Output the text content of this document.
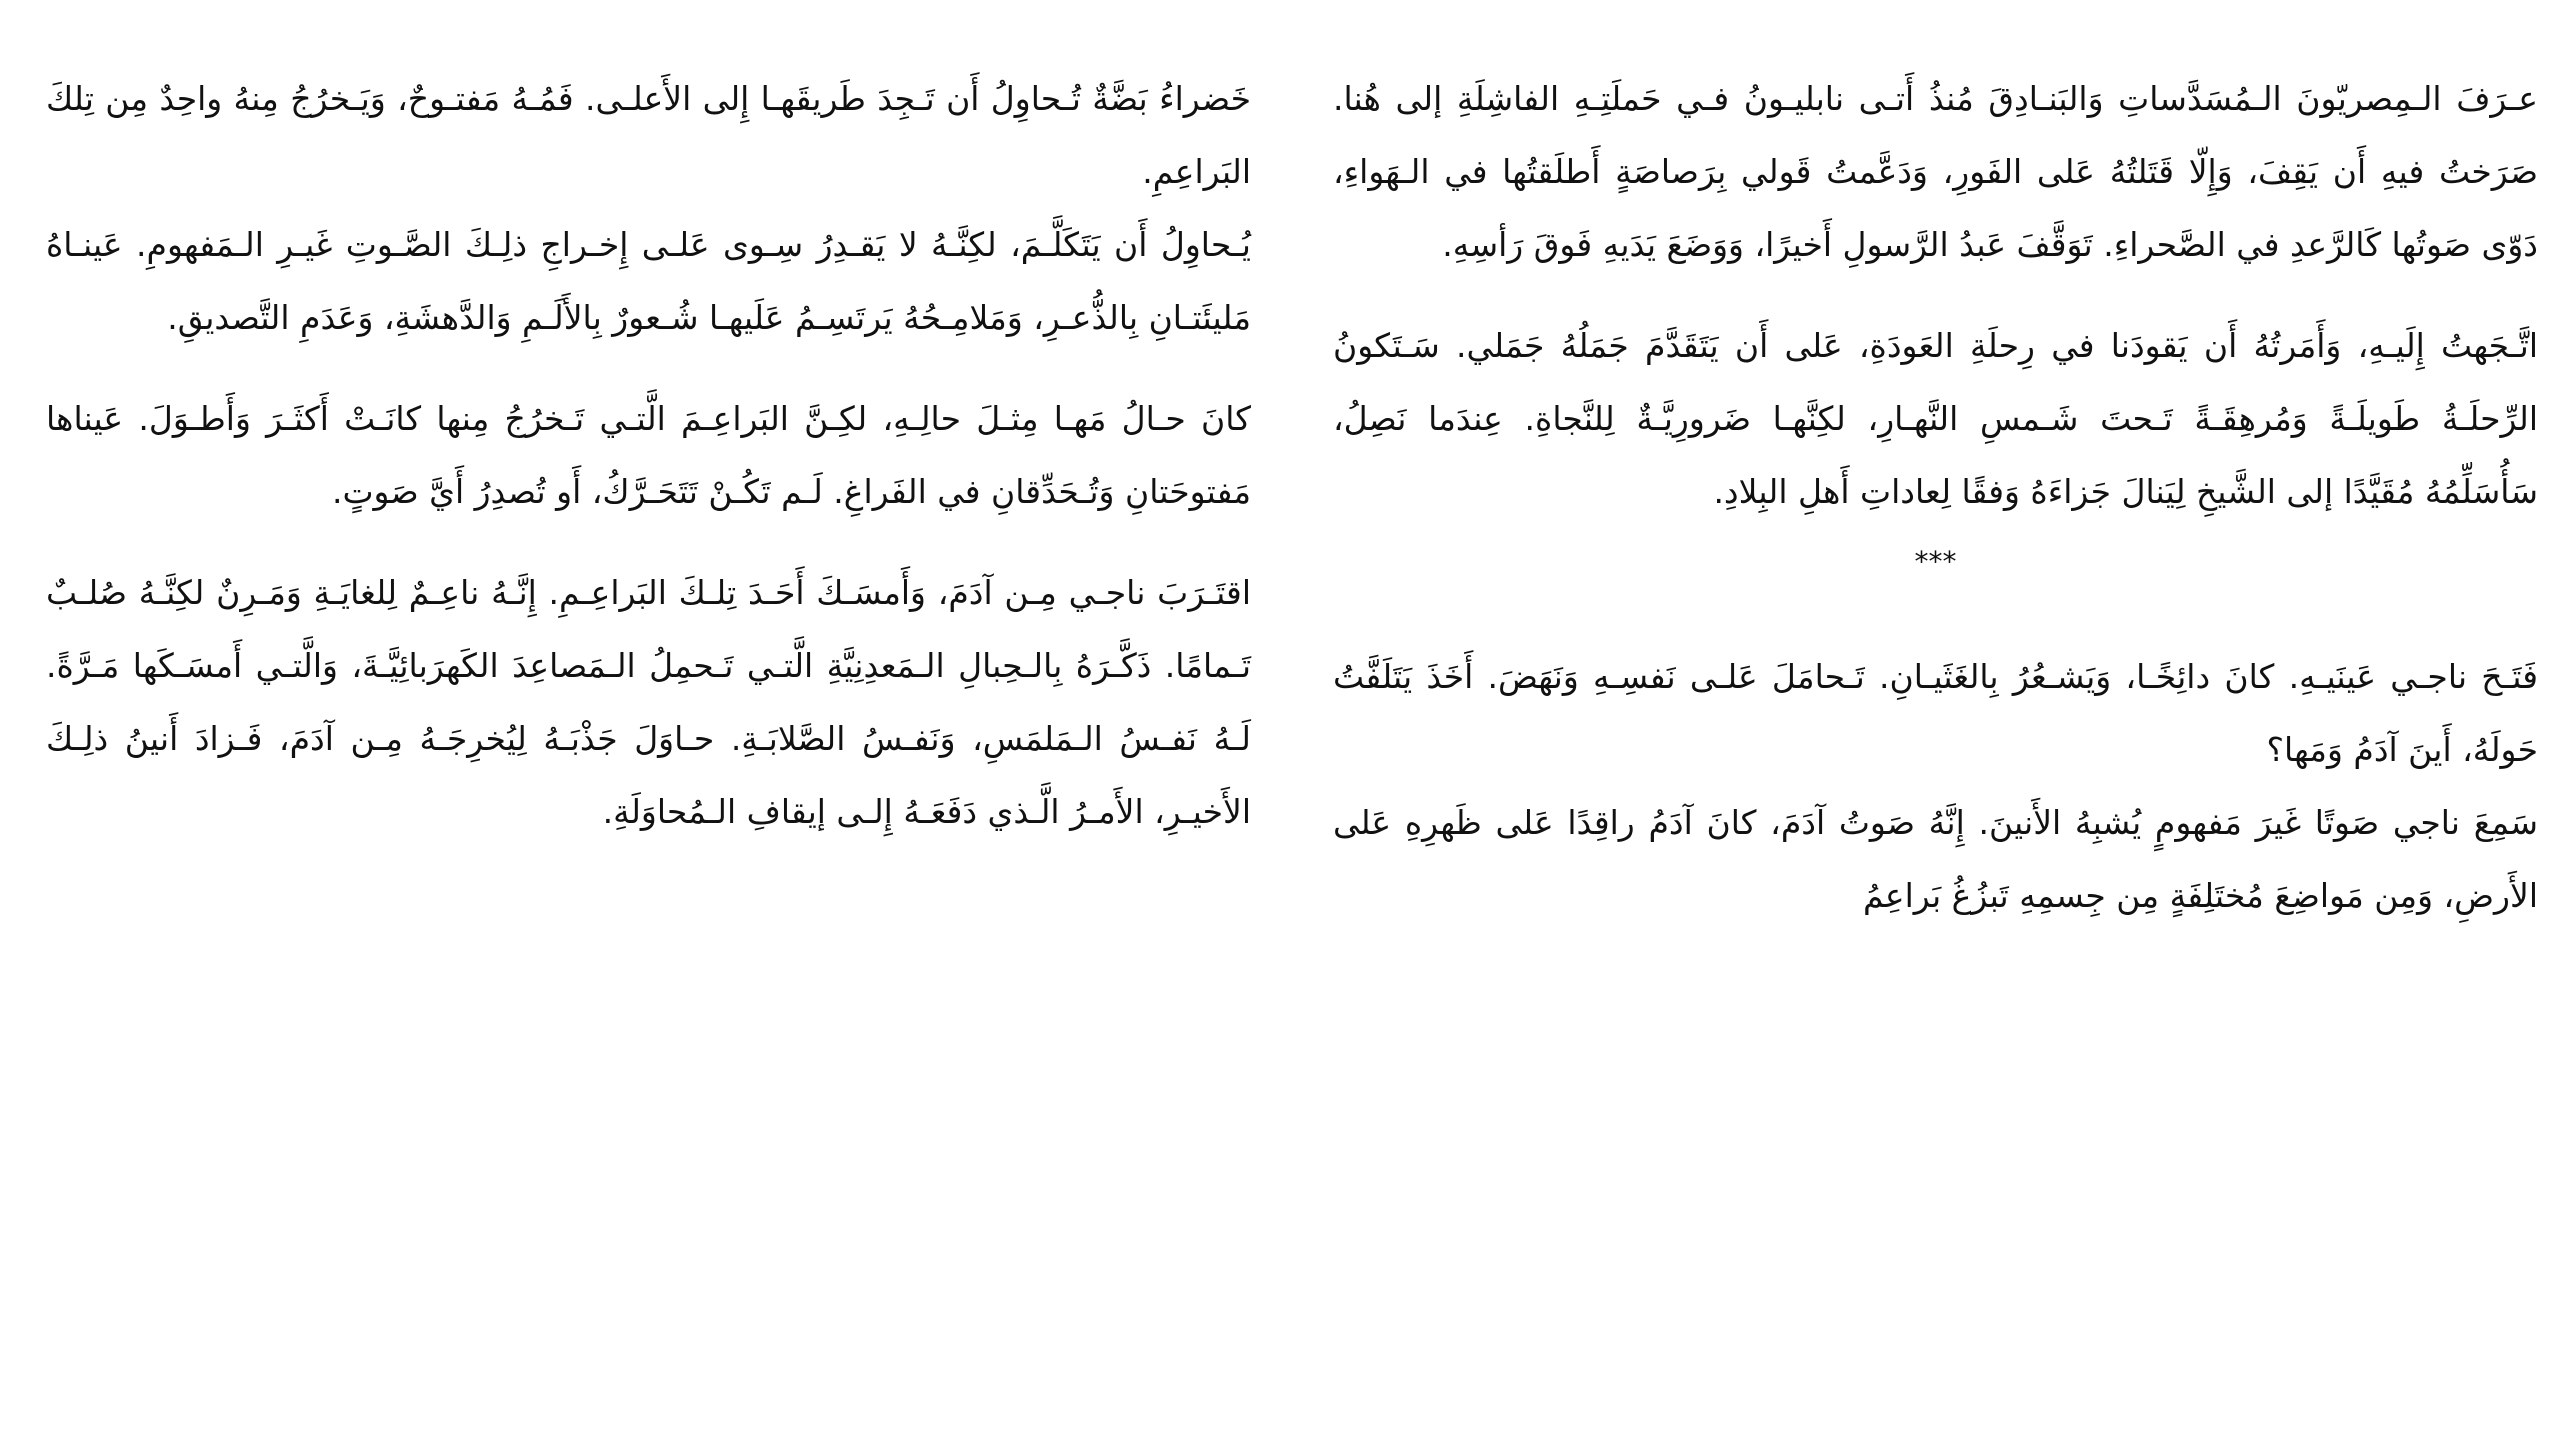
عـرَفَ الـمِصريّونَ الـمُسَدَّساتِ وَالبَنـادِقَ مُنذُ أَتـى نابليـونُ فـي حَملَتِـهِ الفاشِلَةِ إلى هُنا. صَرَختُ فيهِ أَن يَقِفَ، وَإِلّا قَتَلتُهُ عَلى الفَورِ، وَدَعَّمتُ قَولي بِرَصاصَةٍ أَطلَقتُها في الـهَواءِ، دَوّى صَوتُها كَالرَّعدِ في الصَّحراءِ. تَوَقَّفَ عَبدُ الرَّسولِ أَخيرًا، وَوَضَعَ يَدَيهِ فَوقَ رَأسِهِ.

اتَّـجَهتُ إِلَيـهِ، وَأَمَرتُهُ أَن يَقودَنا في رِحلَةِ العَودَةِ، عَلى أَن يَتَقَدَّمَ جَمَلُهُ جَمَلي. سَـتَكونُ الرِّحلَـةُ طَويلَـةً وَمُرهِقَـةً تَـحتَ شَـمسِ النَّهـارِ، لكِنَّهـا ضَرورِيَّـةٌ لِلنَّجاةِ. عِندَما نَصِلُ، سَأُسَلِّمُهُ مُقَيَّدًا إلى الشَّيخِ لِيَنالَ جَزاءَهُ وَفقًا لِعاداتِ أَهلِ البِلادِ.

***

فَتَـحَ ناجـي عَينَيـهِ. كانَ دائِخًـا، وَيَشـعُرُ بِالغَثَيـانِ. تَـحامَلَ عَلـى نَفسِـهِ وَنَهَضَ. أَخَذَ يَتَلَفَّتُ حَولَهُ، أَينَ آدَمُ وَمَها؟

سَمِعَ ناجي صَوتًا غَيرَ مَفهومٍ يُشبِهُ الأَنينَ. إِنَّهُ صَوتُ آدَمَ، كانَ آدَمُ راقِدًا عَلى ظَهرِهِ عَلى الأَرضِ، وَمِن مَواضِعَ مُختَلِفَةٍ مِن جِسمِهِ تَبزُغُ بَراعِمُ

خَضراءُ بَضَّةٌ تُـحاوِلُ أَن تَـجِدَ طَريقَهـا إِلى الأَعلـى. فَمُـهُ مَفتـوحٌ، وَيَـخرُجُ مِنهُ واحِدٌ مِن تِلكَ البَراعِمِ.

يُـحاوِلُ أَن يَتَكَلَّـمَ، لكِنَّـهُ لا يَقـدِرُ سِـوى عَلـى إِخـراجِ ذلِـكَ الصَّـوتِ غَيـرِ الـمَفهومِ. عَينـاهُ مَليئَتـانِ بِالذُّعـرِ، وَمَلامِـحُهُ يَرتَسِـمُ عَلَيهـا شُـعورٌ بِالأَلَـمِ وَالدَّهشَةِ، وَعَدَمِ التَّصديقِ.

كانَ حـالُ مَهـا مِثـلَ حالِـهِ، لكِـنَّ البَراعِـمَ الَّتـي تَـخرُجُ مِنها كانَـتْ أَكثَـرَ وَأَطـوَلَ. عَيناها مَفتوحَتانِ وَتُـحَدِّقانِ في الفَراغِ. لَـم تَكُـنْ تَتَحَـرَّكُ، أَو تُصدِرُ أَيَّ صَوتٍ.

اقتَـرَبَ ناجـي مِـن آدَمَ، وَأَمسَـكَ أَحَـدَ تِلـكَ البَراعِـمِ. إِنَّـهُ ناعِـمٌ لِلغايَـةِ وَمَـرِنٌ لكِنَّـهُ صُلـبٌ تَـمامًا. ذَكَّـرَهُ بِالـحِبالِ الـمَعدِنِيَّةِ الَّتـي تَـحمِلُ الـمَصاعِدَ الكَهرَبائِيَّـةَ، وَالَّتـي أَمسَـكَها مَـرَّةً. لَـهُ نَفـسُ الـمَلمَسِ، وَنَفـسُ الصَّلابَـةِ. حـاوَلَ جَذْبَـهُ لِيُخرِجَـهُ مِـن آدَمَ، فَـزادَ أَنينُ ذلِـكَ الأَخيـرِ، الأَمـرُ الَّـذي دَفَعَـهُ إِلـى إيقافِ الـمُحاوَلَةِ.
